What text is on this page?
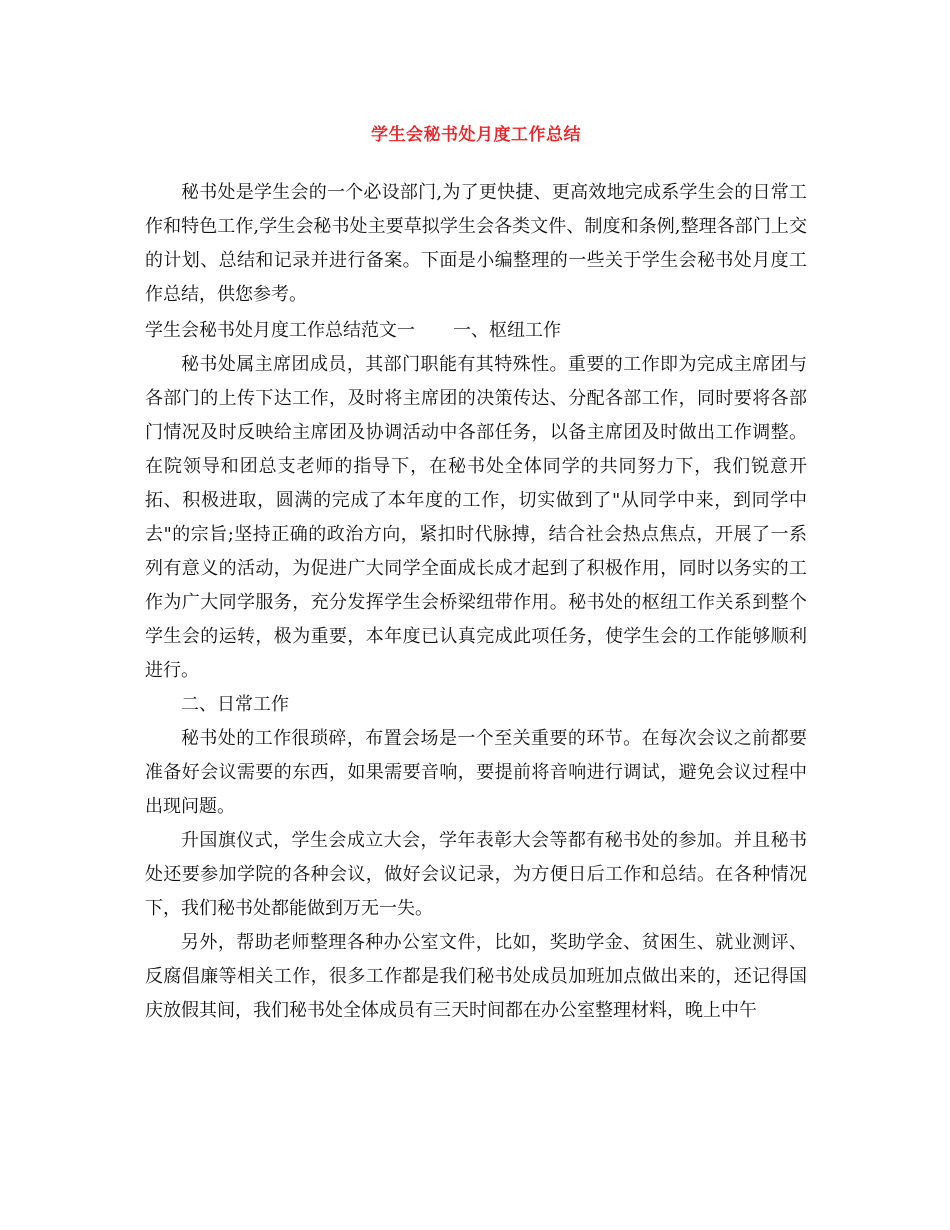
学生会秘书处月度工作总结

秘书处是学生会的一个必设部门,为了更快捷、更高效地完成系学生会的日常工作和特色工作,学生会秘书处主要草拟学生会各类文件、制度和条例,整理各部门上交的计划、总结和记录并进行备案。下面是小编整理的一些关于学生会秘书处月度工作总结，供您参考。

学生会秘书处月度工作总结范文一 一、枢纽工作

秘书处属主席团成员，其部门职能有其特殊性。重要的工作即为完成主席团与各部门的上传下达工作，及时将主席团的决策传达、分配各部工作，同时要将各部门情况及时反映给主席团及协调活动中各部任务，以备主席团及时做出工作调整。 在院领导和团总支老师的指导下，在秘书处全体同学的共同努力下，我们锐意开拓、积极进取，圆满的完成了本年度的工作，切实做到了"从同学中来，到同学中去"的宗旨;坚持正确的政治方向，紧扣时代脉搏，结合社会热点焦点，开展了一系列有意义的活动，为促进广大同学全面成长成才起到了积极作用，同时以务实的工作为广大同学服务，充分发挥学生会桥梁纽带作用。秘书处的枢纽工作关系到整个学生会的运转，极为重要，本年度已认真完成此项任务，使学生会的工作能够顺利进行。

二、日常工作

秘书处的工作很琐碎，布置会场是一个至关重要的环节。在每次会议之前都要准备好会议需要的东西，如果需要音响，要提前将音响进行调试，避免会议过程中出现问题。

升国旗仪式，学生会成立大会，学年表彰大会等都有秘书处的参加。并且秘书处还要参加学院的各种会议，做好会议记录，为方便日后工作和总结。在各种情况下，我们秘书处都能做到万无一失。

另外，帮助老师整理各种办公室文件，比如，奖助学金、贫困生、就业测评、反腐倡廉等相关工作，很多工作都是我们秘书处成员加班加点做出来的，还记得国庆放假其间，我们秘书处全体成员有三天时间都在办公室整理材料，晚上中午
